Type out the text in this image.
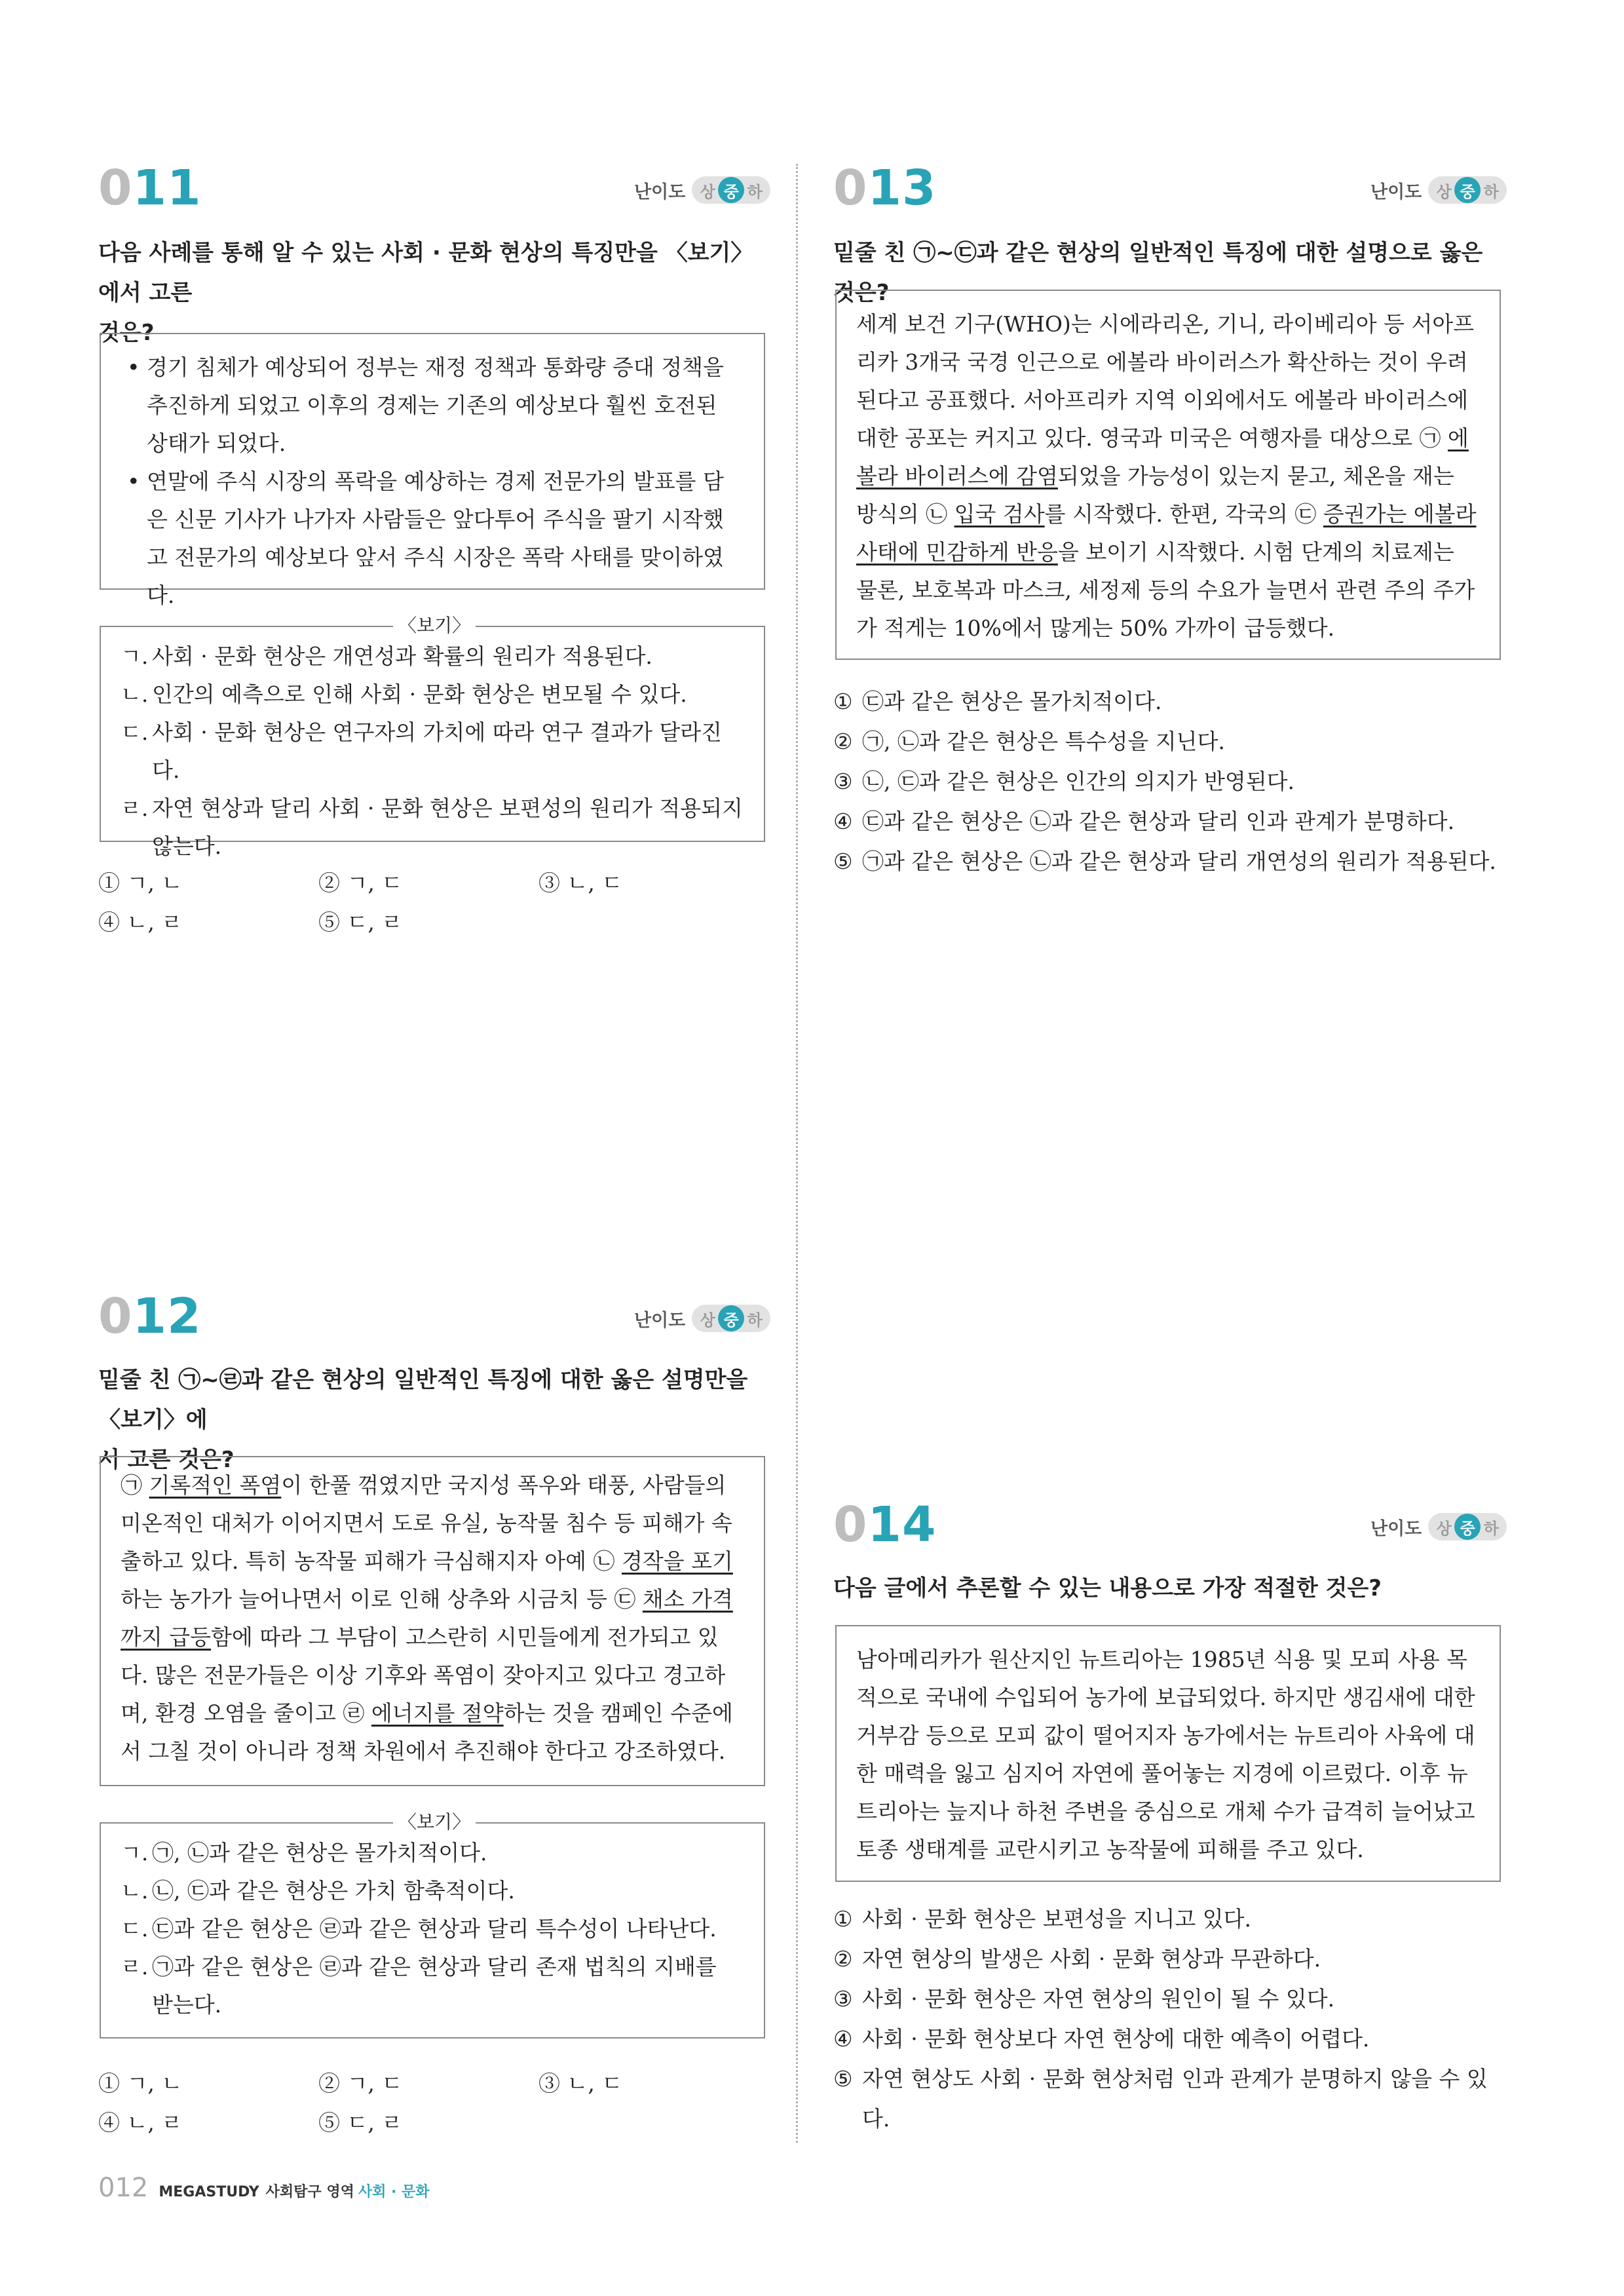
011	난이도 상 중 하
다음 사례를 통해 알 수 있는 사회 · 문화 현상의 특징만을 〈보기〉에서 고른
것은?

• 경기 침체가 예상되어 정부는 재정 정책과 통화량 증대 정책을 추진하게 되었고 이후의 경제는 기존의 예상보다 훨씬 호전된 상태가 되었다.

• 연말에 주식 시장의 폭락을 예상하는 경제 전문가의 발표를 담은 신문 기사가 나가자 사람들은 앞다투어 주식을 팔기 시작했고 전문가의 예상보다 앞서 주식 시장은 폭락 사태를 맞이하였다.

ㄱ. 사회 · 문화 현상은 개연성과 확률의 원리가 적용된다.
ㄴ. 인간의 예측으로 인해 사회 · 문화 현상은 변모될 수 있다.
ㄷ. 사회 · 문화 현상은 연구자의 가치에 따라 연구 결과가 달라진다.
ㄹ. 자연 현상과 달리 사회 · 문화 현상은 보편성의 원리가 적용되지 않는다.
〈보기〉
① ㄱ, ㄴ	② ㄱ, ㄷ	③ ㄴ, ㄷ
④ ㄴ, ㄹ	⑤ ㄷ, ㄹ
012	난이도 상 중 하
밑줄 친 ㉠~㉣과 같은 현상의 일반적인 특징에 대한 옳은 설명만을 〈보기〉에
서 고른 것은?

㉠ 기록적인 폭염이 한풀 꺾였지만 국지성 폭우와 태풍, 사람들의 미온적인 대처가 이어지면서 도로 유실, 농작물 침수 등 피해가 속출하고 있다. 특히 농작물 피해가 극심해지자 아예 ㉡ 경작을 포기하는 농가가 늘어나면서 이로 인해 상추와 시금치 등 ㉢ 채소 가격까지 급등함에 따라 그 부담이 고스란히 시민들에게 전가되고 있다. 많은 전문가들은 이상 기후와 폭염이 잦아지고 있다고 경고하며, 환경 오염을 줄이고 ㉣ 에너지를 절약하는 것을 캠페인 수준에서 그칠 것이 아니라 정책 차원에서 추진해야 한다고 강조하였다.

ㄱ. ㉠, ㉡과 같은 현상은 몰가치적이다.
ㄴ. ㉡, ㉢과 같은 현상은 가치 함축적이다.
ㄷ. ㉢과 같은 현상은 ㉣과 같은 현상과 달리 특수성이 나타난다.
ㄹ. ㉠과 같은 현상은 ㉣과 같은 현상과 달리 존재 법칙의 지배를 받는다.
〈보기〉
① ㄱ, ㄴ	② ㄱ, ㄷ	③ ㄴ, ㄷ
④ ㄴ, ㄹ	⑤ ㄷ, ㄹ
013	난이도 상 중 하
밑줄 친 ㉠~㉢과 같은 현상의 일반적인 특징에 대한 설명으로 옳은 것은?

세계 보건 기구(WHO)는 시에라리온, 기니, 라이베리아 등 서아프리카 3개국 국경 인근으로 에볼라 바이러스가 확산하는 것이 우려된다고 공표했다. 서아프리카 지역 이외에서도 에볼라 바이러스에 대한 공포는 커지고 있다. 영국과 미국은 여행자를 대상으로 ㉠ 에볼라 바이러스에 감염되었을 가능성이 있는지 묻고, 체온을 재는 방식의 ㉡ 입국 검사를 시작했다. 한편, 각국의 ㉢ 증권가는 에볼라 사태에 민감하게 반응을 보이기 시작했다. 시험 단계의 치료제는 물론, 보호복과 마스크, 세정제 등의 수요가 늘면서 관련 주의 주가가 적게는 10%에서 많게는 50% 가까이 급등했다.

① ㉢과 같은 현상은 몰가치적이다.
② ㉠, ㉡과 같은 현상은 특수성을 지닌다.
③ ㉡, ㉢과 같은 현상은 인간의 의지가 반영된다.
④ ㉢과 같은 현상은 ㉡과 같은 현상과 달리 인과 관계가 분명하다.
⑤ ㉠과 같은 현상은 ㉡과 같은 현상과 달리 개연성의 원리가 적용된다.
014	난이도 상 중 하
다음 글에서 추론할 수 있는 내용으로 가장 적절한 것은?

남아메리카가 원산지인 뉴트리아는 1985년 식용 및 모피 사용 목적으로 국내에 수입되어 농가에 보급되었다. 하지만 생김새에 대한 거부감 등으로 모피 값이 떨어지자 농가에서는 뉴트리아 사육에 대한 매력을 잃고 심지어 자연에 풀어놓는 지경에 이르렀다. 이후 뉴트리아는 늪지나 하천 주변을 중심으로 개체 수가 급격히 늘어났고 토종 생태계를 교란시키고 농작물에 피해를 주고 있다.

① 사회 · 문화 현상은 보편성을 지니고 있다.
② 자연 현상의 발생은 사회 · 문화 현상과 무관하다.
③ 사회 · 문화 현상은 자연 현상의 원인이 될 수 있다.
④ 사회 · 문화 현상보다 자연 현상에 대한 예측이 어렵다.
⑤ 자연 현상도 사회 · 문화 현상처럼 인과 관계가 분명하지 않을 수 있다.
012 MEGASTUDY 사회탐구 영역 사회 · 문화
